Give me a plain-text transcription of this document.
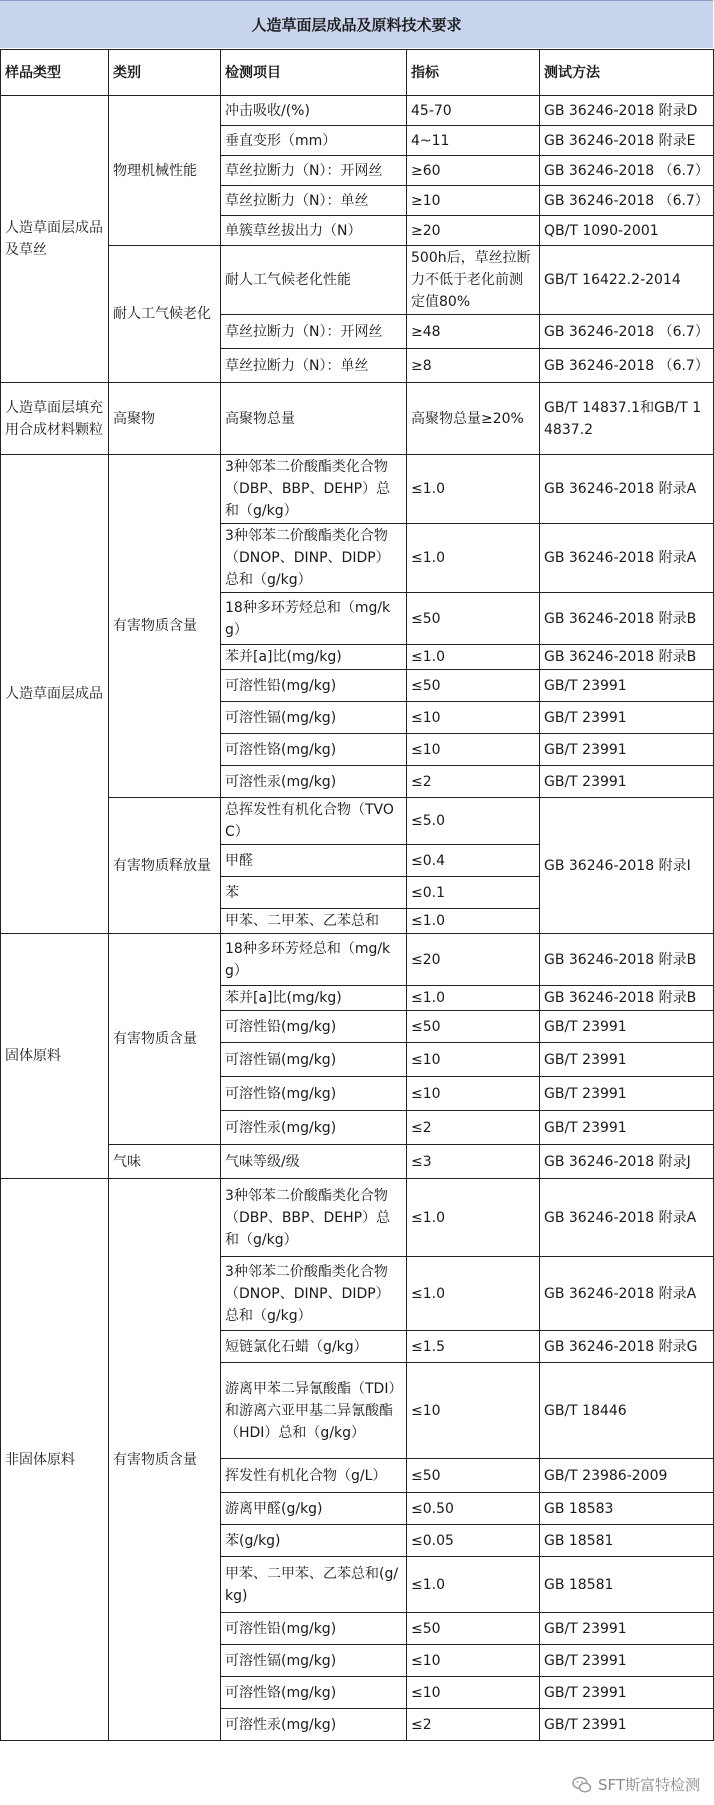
人造草面层成品及原料技术要求
样品类型	类别	检测项目	指标	测试方法
人造草面层成品及草丝	物理机械性能	冲击吸收/(%)	45-70	GB 36246-2018 附录D
		垂直变形（mm）	4~11	GB 36246-2018 附录E
		草丝拉断力（N）：开网丝	≥60	GB 36246-2018 （6.7）
		草丝拉断力（N）：单丝	≥10	GB 36246-2018 （6.7）
		单簇草丝拔出力（N）	≥20	QB/T 1090-2001
	耐人工气候老化	耐人工气候老化性能	500h后，草丝拉断力不低于老化前测定值80%	GB/T 16422.2-2014
		草丝拉断力（N）：开网丝	≥48	GB 36246-2018 （6.7）
		草丝拉断力（N）：单丝	≥8	GB 36246-2018 （6.7）
人造草面层填充用合成材料颗粒	高聚物	高聚物总量	高聚物总量≥20%	GB/T 14837.1和GB/T 14837.2
人造草面层成品	有害物质含量	3种邻苯二价酸酯类化合物（DBP、BBP、DEHP）总和（g/kg）	≤1.0	GB 36246-2018 附录A
		3种邻苯二价酸酯类化合物（DNOP、DINP、DIDP）总和（g/kg）	≤1.0	GB 36246-2018 附录A
		18种多环芳烃总和（mg/kg）	≤50	GB 36246-2018 附录B
		苯并[a]比(mg/kg)	≤1.0	GB 36246-2018 附录B
		可溶性铅(mg/kg)	≤50	GB/T 23991
		可溶性镉(mg/kg)	≤10	GB/T 23991
		可溶性铬(mg/kg)	≤10	GB/T 23991
		可溶性汞(mg/kg)	≤2	GB/T 23991
	有害物质释放量	总挥发性有机化合物（TVOC）	≤5.0	GB 36246-2018 附录I
		甲醛	≤0.4	
		苯	≤0.1	
		甲苯、二甲苯、乙苯总和	≤1.0	
固体原料	有害物质含量	18种多环芳烃总和（mg/kg）	≤20	GB 36246-2018 附录B
		苯并[a]比(mg/kg)	≤1.0	GB 36246-2018 附录B
		可溶性铅(mg/kg)	≤50	GB/T 23991
		可溶性镉(mg/kg)	≤10	GB/T 23991
		可溶性铬(mg/kg)	≤10	GB/T 23991
		可溶性汞(mg/kg)	≤2	GB/T 23991
	气味	气味等级/级	≤3	GB 36246-2018 附录J
非固体原料	有害物质含量	3种邻苯二价酸酯类化合物（DBP、BBP、DEHP）总和（g/kg）	≤1.0	GB 36246-2018 附录A
		3种邻苯二价酸酯类化合物（DNOP、DINP、DIDP）总和（g/kg）	≤1.0	GB 36246-2018 附录A
		短链氯化石蜡（g/kg）	≤1.5	GB 36246-2018 附录G
		游离甲苯二异氰酸酯（TDI）和游离六亚甲基二异氰酸酯（HDI）总和（g/kg）	≤10	GB/T 18446
		挥发性有机化合物（g/L）	≤50	GB/T 23986-2009
		游离甲醛(g/kg)	≤0.50	GB 18583
		苯(g/kg)	≤0.05	GB 18581
		甲苯、二甲苯、乙苯总和(g/kg)	≤1.0	GB 18581
		可溶性铅(mg/kg)	≤50	GB/T 23991
		可溶性镉(mg/kg)	≤10	GB/T 23991
		可溶性铬(mg/kg)	≤10	GB/T 23991
		可溶性汞(mg/kg)	≤2	GB/T 23991
SFT斯富特检测
